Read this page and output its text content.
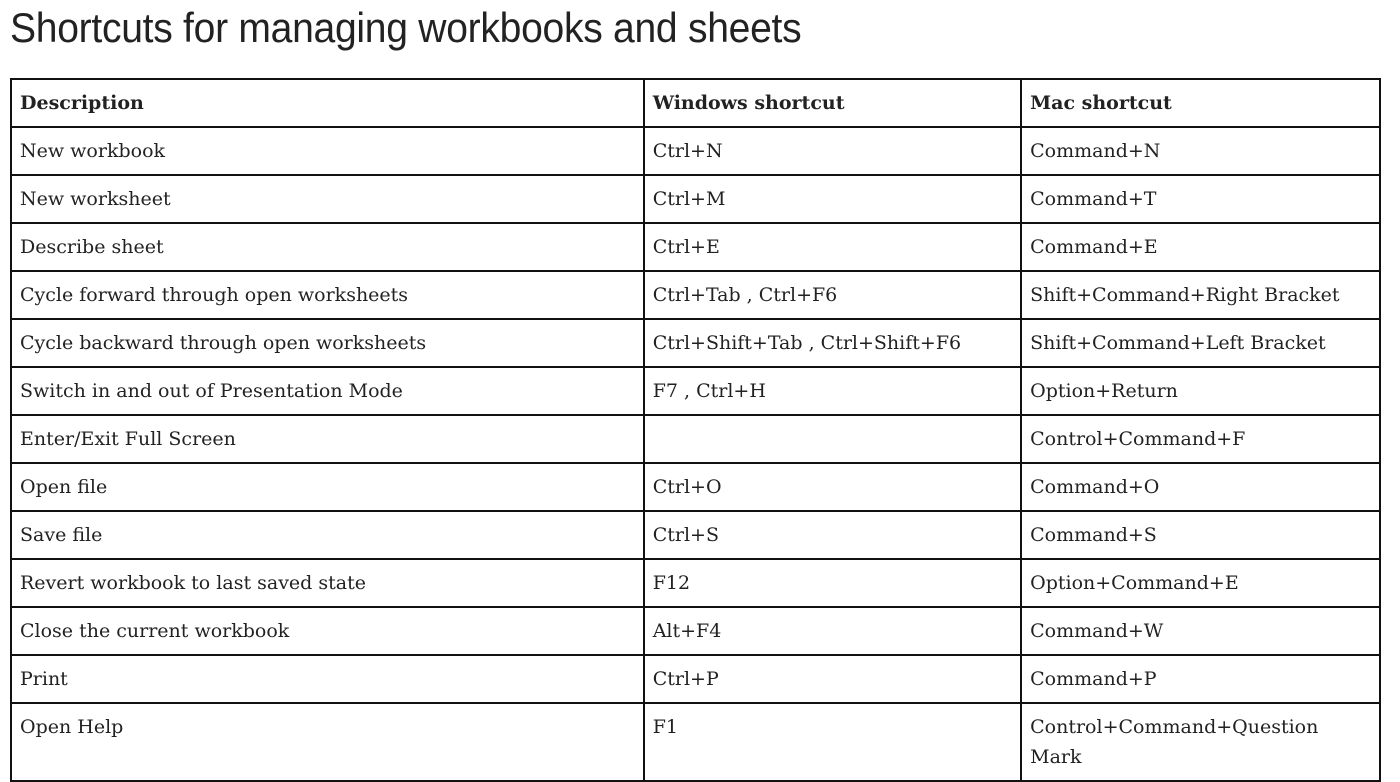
Shortcuts for managing workbooks and sheets
Description	Windows shortcut	Mac shortcut
New workbook	Ctrl+N	Command+N
New worksheet	Ctrl+M	Command+T
Describe sheet	Ctrl+E	Command+E
Cycle forward through open worksheets	Ctrl+Tab , Ctrl+F6	Shift+Command+Right Bracket
Cycle backward through open worksheets	Ctrl+Shift+Tab , Ctrl+Shift+F6	Shift+Command+Left Bracket
Switch in and out of Presentation Mode	F7 , Ctrl+H	Option+Return
Enter/Exit Full Screen		Control+Command+F
Open file	Ctrl+O	Command+O
Save file	Ctrl+S	Command+S
Revert workbook to last saved state	F12	Option+Command+E
Close the current workbook	Alt+F4	Command+W
Print	Ctrl+P	Command+P
Open Help	F1	Control+Command+Question Mark
